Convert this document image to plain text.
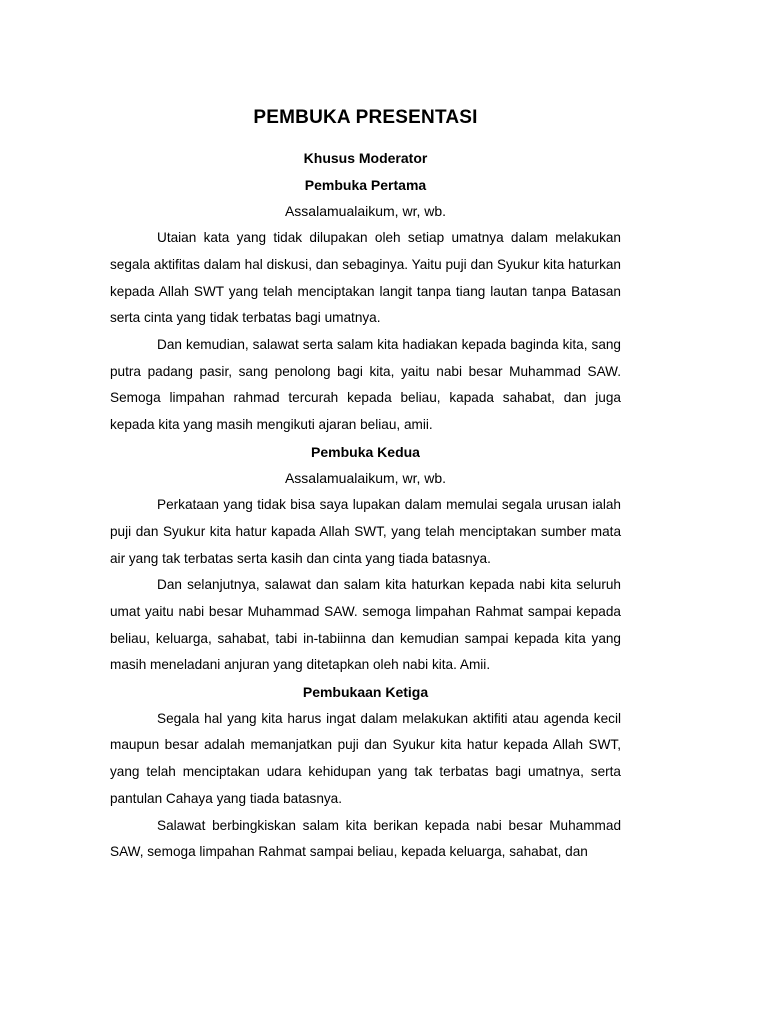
PEMBUKA PRESENTASI
Khusus Moderator
Pembuka Pertama
Assalamualaikum, wr, wb.

Utaian kata yang tidak dilupakan oleh setiap umatnya dalam melakukan segala aktifitas dalam hal diskusi, dan sebaginya. Yaitu puji dan Syukur kita haturkan kepada Allah SWT yang telah menciptakan langit tanpa tiang lautan tanpa Batasan serta cinta yang tidak terbatas bagi umatnya.

Dan kemudian, salawat serta salam kita hadiakan kepada baginda kita, sang putra padang pasir, sang penolong bagi kita, yaitu nabi besar Muhammad SAW. Semoga limpahan rahmad tercurah kepada beliau, kapada sahabat, dan juga kepada kita yang masih mengikuti ajaran beliau, amii.

Pembuka Kedua
Assalamualaikum, wr, wb.

Perkataan yang tidak bisa saya lupakan dalam memulai segala urusan ialah puji dan Syukur kita hatur kapada Allah SWT, yang telah menciptakan sumber mata air yang tak terbatas serta kasih dan cinta yang tiada batasnya.

Dan selanjutnya, salawat dan salam kita haturkan kepada nabi kita seluruh umat yaitu nabi besar Muhammad SAW. semoga limpahan Rahmat sampai kepada beliau, keluarga, sahabat, tabi in-tabiinna dan kemudian sampai kepada kita yang masih meneladani anjuran yang ditetapkan oleh nabi kita. Amii.

Pembukaan Ketiga

Segala hal yang kita harus ingat dalam melakukan aktifiti atau agenda kecil maupun besar adalah memanjatkan puji dan Syukur kita hatur kepada Allah SWT, yang telah menciptakan udara kehidupan yang tak terbatas bagi umatnya, serta pantulan Cahaya yang tiada batasnya.

Salawat berbingkiskan salam kita berikan kepada nabi besar Muhammad SAW, semoga limpahan Rahmat sampai beliau, kepada keluarga, sahabat, dan
